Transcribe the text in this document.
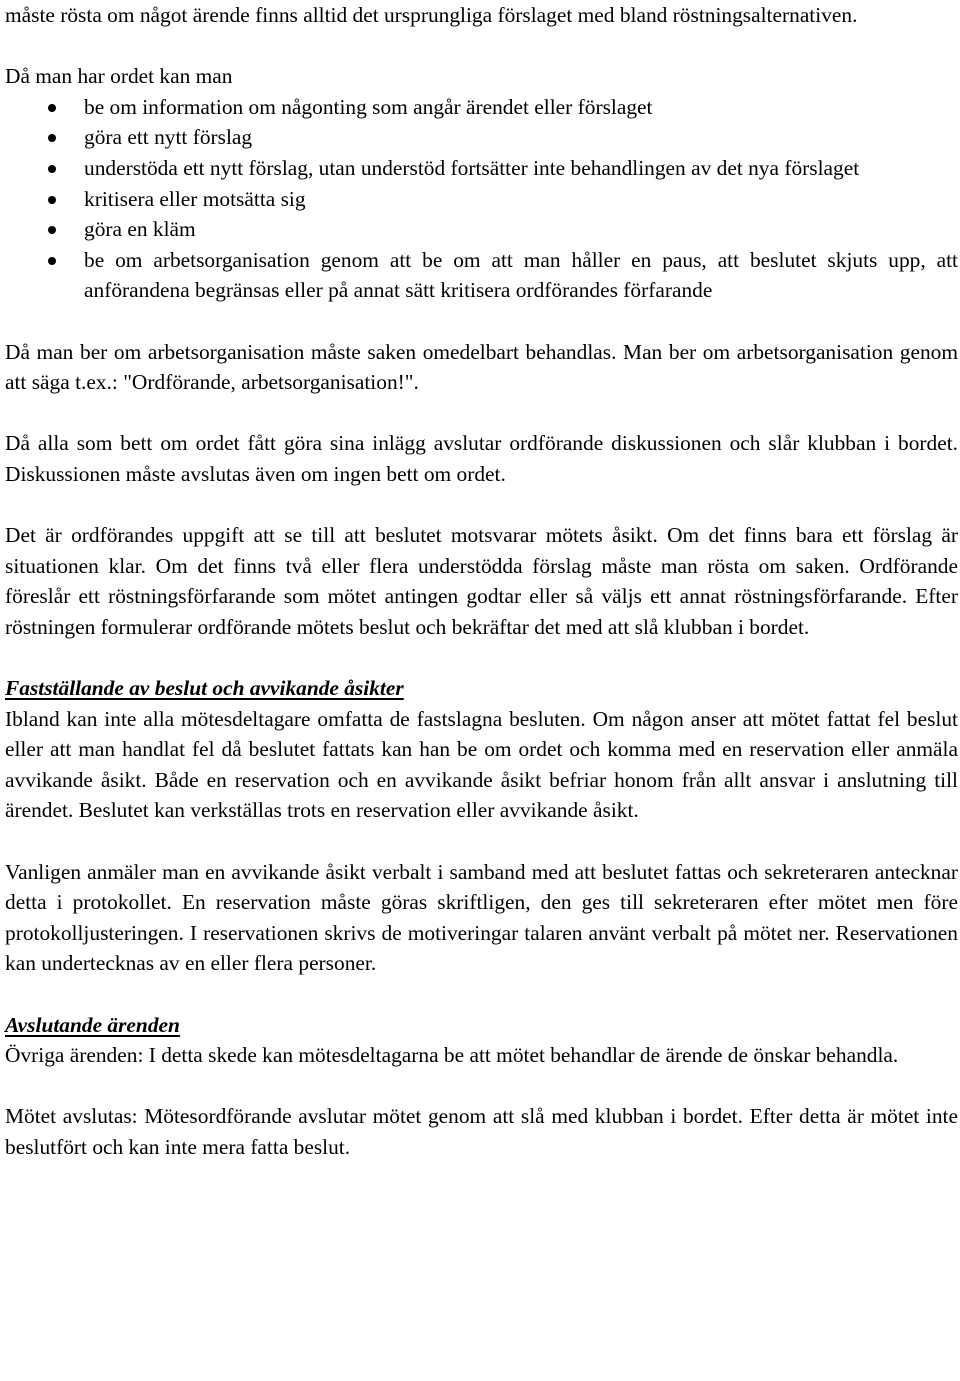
måste rösta om något ärende finns alltid det ursprungliga förslaget med bland röstningsalternativen.

Då man har ordet kan man

be om information om någonting som angår ärendet eller förslaget
göra ett nytt förslag
understöda ett nytt förslag, utan understöd fortsätter inte behandlingen av det nya förslaget
kritisera eller motsätta sig
göra en kläm
be om arbetsorganisation genom att be om att man håller en paus, att beslutet skjuts upp, att anförandena begränsas eller på annat sätt kritisera ordförandes förfarande

Då man ber om arbetsorganisation måste saken omedelbart behandlas. Man ber om arbetsorganisation genom att säga t.ex.: "Ordförande, arbetsorganisation!".

Då alla som bett om ordet fått göra sina inlägg avslutar ordförande diskussionen och slår klubban i bordet. Diskussionen måste avslutas även om ingen bett om ordet.

Det är ordförandes uppgift att se till att beslutet motsvarar mötets åsikt. Om det finns bara ett förslag är situationen klar. Om det finns två eller flera understödda förslag måste man rösta om saken. Ordförande föreslår ett röstningsförfarande som mötet antingen godtar eller så väljs ett annat röstningsförfarande. Efter röstningen formulerar ordförande mötets beslut och bekräftar det med att slå klubban i bordet.

Fastställande av beslut och avvikande åsikter

Ibland kan inte alla mötesdeltagare omfatta de fastslagna besluten. Om någon anser att mötet fattat fel beslut eller att man handlat fel då beslutet fattats kan han be om ordet och komma med en reservation eller anmäla avvikande åsikt. Både en reservation och en avvikande åsikt befriar honom från allt ansvar i anslutning till ärendet. Beslutet kan verkställas trots en reservation eller avvikande åsikt.

Vanligen anmäler man en avvikande åsikt verbalt i samband med att beslutet fattas och sekreteraren antecknar detta i protokollet. En reservation måste göras skriftligen, den ges till sekreteraren efter mötet men före protokolljusteringen. I reservationen skrivs de motiveringar talaren använt verbalt på mötet ner. Reservationen kan undertecknas av en eller flera personer.

Avslutande ärenden

Övriga ärenden: I detta skede kan mötesdeltagarna be att mötet behandlar de ärende de önskar behandla.

Mötet avslutas: Mötesordförande avslutar mötet genom att slå med klubban i bordet. Efter detta är mötet inte beslutfört och kan inte mera fatta beslut.
